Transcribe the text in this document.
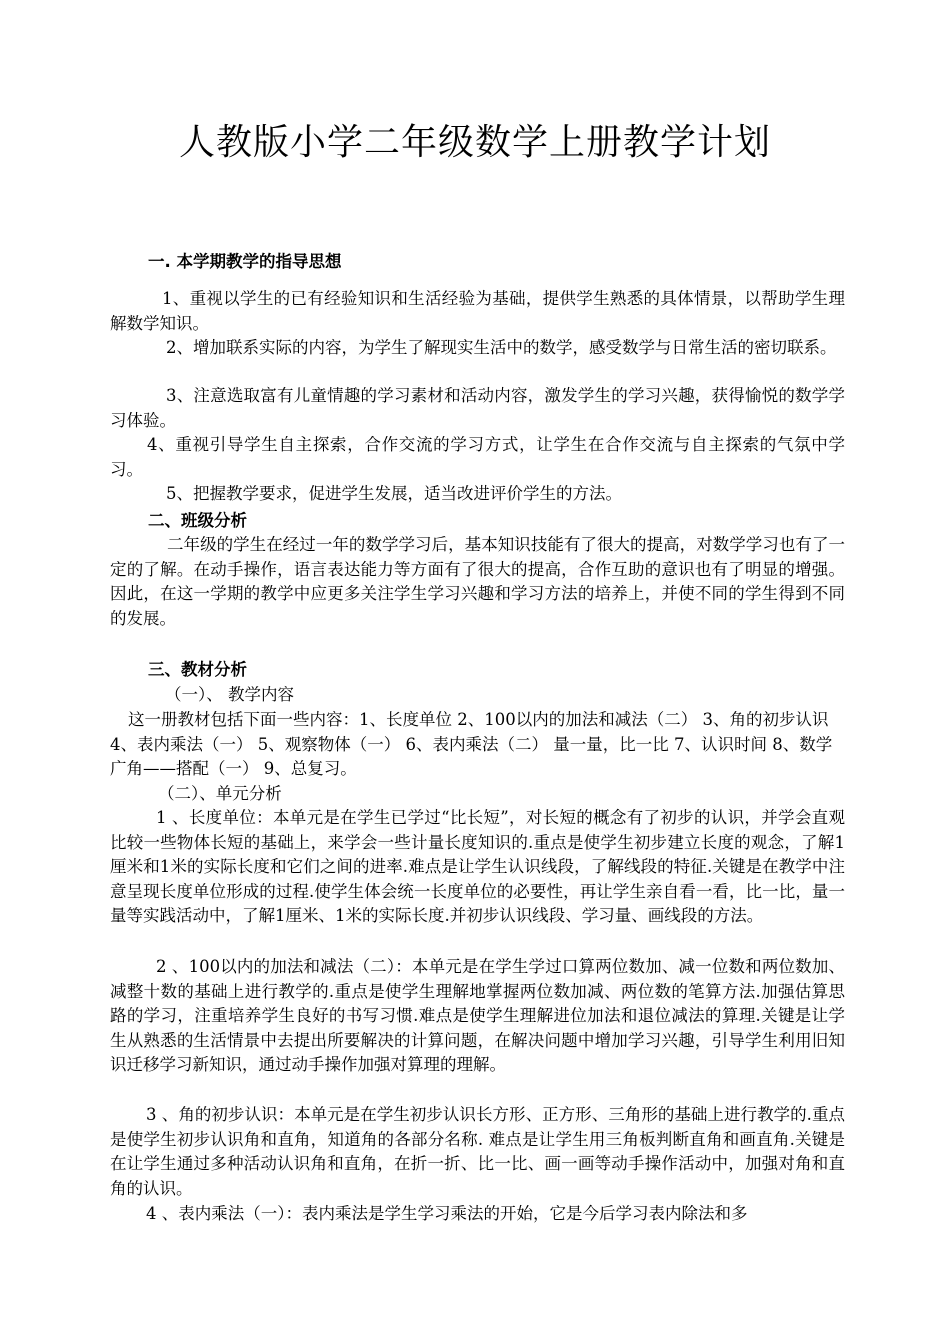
人教版小学二年级数学上册教学计划
一. 本学期教学的指导思想
1、重视以学生的已有经验知识和生活经验为基础，提供学生熟悉的具体情景，以帮助学生理解数学知识。
2、增加联系实际的内容，为学生了解现实生活中的数学，感受数学与日常生活的密切联系。
3、注意选取富有儿童情趣的学习素材和活动内容，激发学生的学习兴趣，获得愉悦的数学学习体验。
4、重视引导学生自主探索，合作交流的学习方式，让学生在合作交流与自主探索的气氛中学习。
5、把握教学要求，促进学生发展，适当改进评价学生的方法。
二、班级分析
二年级的学生在经过一年的数学学习后，基本知识技能有了很大的提高，对数学学习也有了一定的了解。在动手操作，语言表达能力等方面有了很大的提高，合作互助的意识也有了明显的增强。因此，在这一学期的教学中应更多关注学生学习兴趣和学习方法的培养上，并使不同的学生得到不同的发展。
三、教材分析
（一）、 教学内容
这一册教材包括下面一些内容：1、长度单位 2、100以内的加法和减法（二） 3、角的初步认识 4、表内乘法（一） 5、观察物体（一） 6、表内乘法（二） 量一量，比一比 7、认识时间 8、数学广角——搭配（一） 9、总复习。
（二）、单元分析
1 、长度单位：本单元是在学生已学过“比长短”，对长短的概念有了初步的认识，并学会直观比较一些物体长短的基础上，来学会一些计量长度知识的.重点是使学生初步建立长度的观念，了解1厘米和1米的实际长度和它们之间的进率.难点是让学生认识线段，了解线段的特征.关键是在教学中注意呈现长度单位形成的过程.使学生体会统一长度单位的必要性，再让学生亲自看一看，比一比，量一量等实践活动中，了解1厘米、1米的实际长度.并初步认识线段、学习量、画线段的方法。
2 、100以内的加法和减法（二）：本单元是在学生学过口算两位数加、减一位数和两位数加、减整十数的基础上进行教学的.重点是使学生理解地掌握两位数加减、两位数的笔算方法.加强估算思路的学习，注重培养学生良好的书写习惯.难点是使学生理解进位加法和退位减法的算理.关键是让学生从熟悉的生活情景中去提出所要解决的计算问题，在解决问题中增加学习兴趣，引导学生利用旧知识迁移学习新知识，通过动手操作加强对算理的理解。
3 、角的初步认识：本单元是在学生初步认识长方形、正方形、三角形的基础上进行教学的.重点是使学生初步认识角和直角，知道角的各部分名称. 难点是让学生用三角板判断直角和画直角.关键是在让学生通过多种活动认识角和直角，在折一折、比一比、画一画等动手操作活动中，加强对角和直角的认识。
4 、表内乘法（一）：表内乘法是学生学习乘法的开始，它是今后学习表内除法和多
